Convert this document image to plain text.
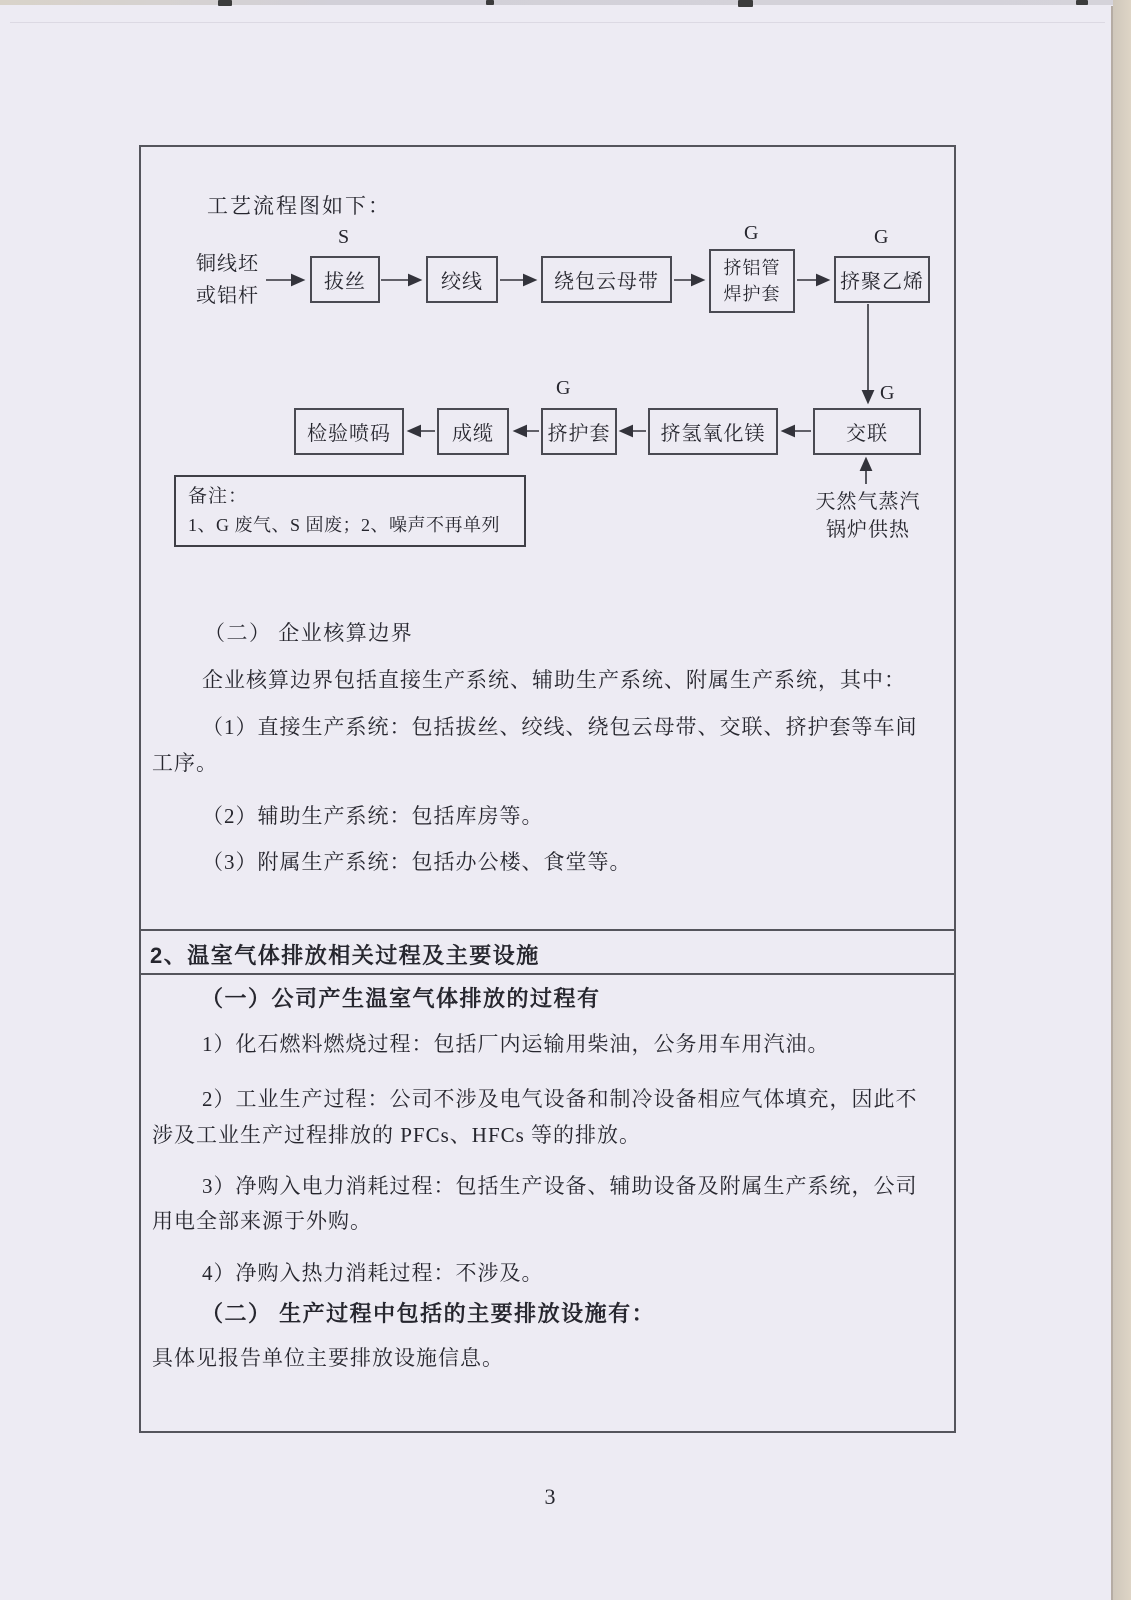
工艺流程图如下：
铜线坯
或铝杆
拔丝	绞线	绕包云母带
挤铝管
焊护套
挤聚乙烯
S	G	G
检验喷码	成缆	挤护套	挤氢氧化镁	交联
G	G
天然气蒸汽
锅炉供热
备注：
1、G 废气、S 固废；2、噪声不再单列
（二） 企业核算边界
企业核算边界包括直接生产系统、辅助生产系统、附属生产系统，其中：
（1）直接生产系统：包括拔丝、绞线、绕包云母带、交联、挤护套等车间
工序。
（2）辅助生产系统：包括库房等。
（3）附属生产系统：包括办公楼、食堂等。
2、温室气体排放相关过程及主要设施
（一）公司产生温室气体排放的过程有
1）化石燃料燃烧过程：包括厂内运输用柴油，公务用车用汽油。
2）工业生产过程：公司不涉及电气设备和制冷设备相应气体填充，因此不
涉及工业生产过程排放的 PFCs、HFCs 等的排放。
3）净购入电力消耗过程：包括生产设备、辅助设备及附属生产系统，公司
用电全部来源于外购。
4）净购入热力消耗过程：不涉及。
（二） 生产过程中包括的主要排放设施有：
具体见报告单位主要排放设施信息。
3
